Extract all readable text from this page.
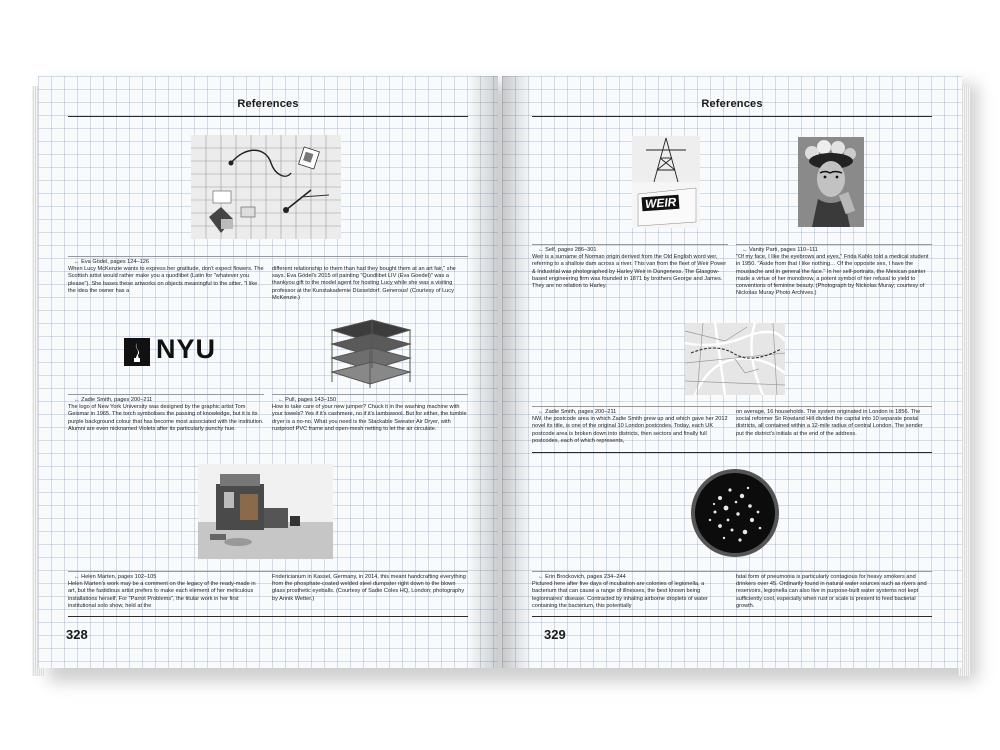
References
← Eva Gödel, pages 124–126
When Lucy McKenzie wants to express her gratitude, don't expect flowers. The Scottish artist would rather make you a quodlibet (Latin for "whatever you please"). She bases these artworks on objects meaningful to the sitter. "I like the idea the owner has a
different relationship to them than had they bought them at an art fair," she says. Eva Gödel's 2015 oil painting "Quodlibet LIV (Eva Goedel)" was a thankyou gift to the model agent for hosting Lucy while she was a visiting professor at the Kunstakademie Düsseldorf. Generous! (Courtesy of Lucy McKenzie.)
NYU
← Zadie Smith, pages 200–211
The logo of New York University was designed by the graphic artist Tom Geismar in 1965. The torch symbolises the passing of knowledge, but it is its purple background colour that has become most associated with the institution. Alumni are even nicknamed Violets after its particularly punchy hue.
← Pull, pages 143–150
How to take care of your new jumper? Chuck it in the washing machine with your towels? Yes if it's cashmere, no if it's lambswool. But for either, the tumble dryer is a no-no. What you need is the Stackable Sweater Air Dryer, with rustproof PVC frame and open-mesh netting to let the air circulate.
← Helen Marten, pages 102–105
Helen Marten's work may be a comment on the legacy of the ready-made in art, but the fastidious artist prefers to make each element of her meticulous installations herself. For "Parrot Problems", the titular work in her first institutional solo show, held at the
Fridericianum in Kassel, Germany, in 2014, this meant handcrafting everything from the phosphate-coated welded steel dumpster right down to the blown glass prosthetic eyeballs. (Courtesy of Sadie Coles HQ, London; photography by Annik Wetter.)
328
References
WEIR
← Self, pages 286–301
Weir is a surname of Norman origin derived from the Old English word wer, referring to a shallow dam across a river. This van from the fleet of Weir Power & Industrial was photographed by Harley Weir in Dungeness. The Glasgow-based engineering firm was founded in 1871 by brothers George and James. They are no relation to Harley.
← Vanity Parti, pages 110–111
"Of my face, I like the eyebrows and eyes," Frida Kahlo told a medical student in 1950. "Aside from that I like nothing… Of the opposite sex, I have the moustache and in general the face." In her self-portraits, the Mexican painter made a virtue of her monobrow, a potent symbol of her refusal to yield to conventions of feminine beauty. (Photograph by Nickolas Muray; courtesy of Nickolas Muray Photo Archives.)
← Zadie Smith, pages 200–211
NW, the postcode area in which Zadie Smith grew up and which gave her 2012 novel its title, is one of the original 10 London postcodes. Today, each UK postcode area is broken down into districts, then sectors and finally full postcodes, each of which represents,
on average, 16 households. The system originated in London in 1856. The social reformer Sir Rowland Hill divided the capital into 10 separate postal districts, all contained within a 12-mile radius of central London. The sender put the district's initials at the end of the address.
← Erin Brockovich, pages 234–244
Pictured here after five days of incubation are colonies of legionella, a bacterium that can cause a range of illnesses, the best known being legionnaires' disease. Contracted by inhaling airborne droplets of water containing the bacterium, this potentially
fatal form of pneumonia is particularly contagious for heavy smokers and drinkers over 45. Ordinarily found in natural water sources such as rivers and reservoirs, legionella can also live in purpose-built water systems not kept sufficiently cool, especially when rust or scale is present to feed bacterial growth.
329
